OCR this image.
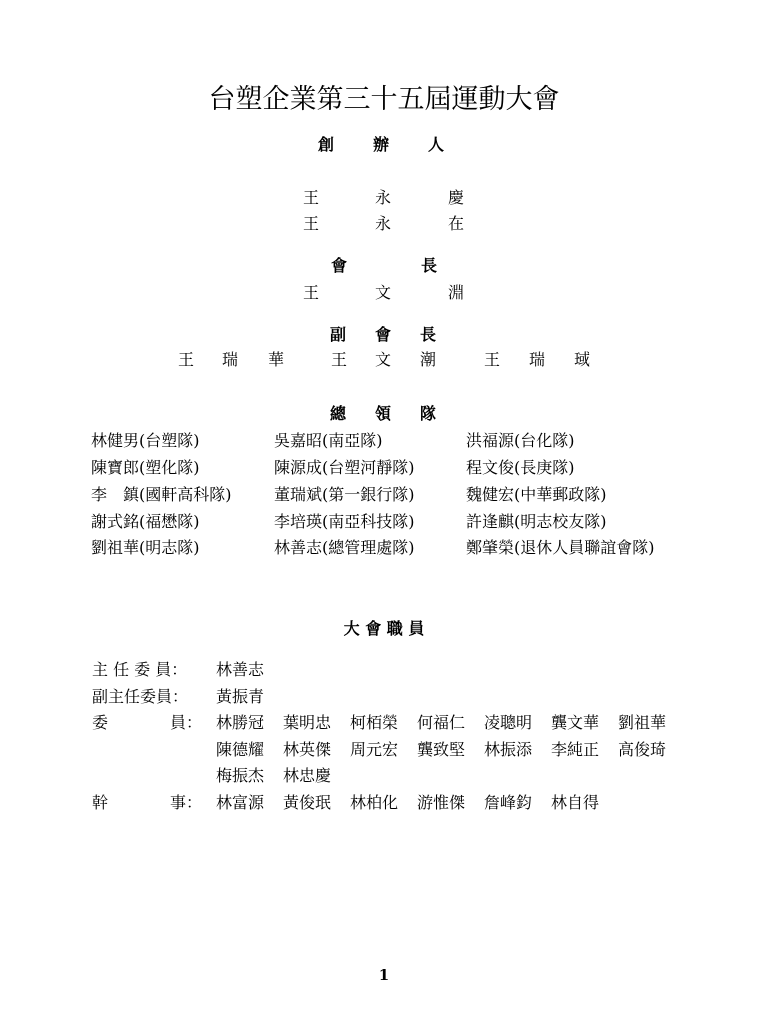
台塑企業第三十五屆運動大會
創 辦 人
王	永	慶
王	永	在
會	長
王	文	淵
副 會 長
王 瑞 華	王 文 潮	王 瑞 琙
總 領 隊
林健男(台塑隊)	吳嘉昭(南亞隊)	洪福源(台化隊)
陳寶郎(塑化隊)	陳源成(台塑河靜隊)	程文俊(長庚隊)
李　鎮(國軒高科隊)	董瑞斌(第一銀行隊)	魏健宏(中華郵政隊)
謝式銘(福懋隊)	李培瑛(南亞科技隊)	許逢麒(明志校友隊)
劉祖華(明志隊)	林善志(總管理處隊)	鄭肇榮(退休人員聯誼會隊)
大 會 職 員
主 任 委 員： 林善志
副主任委員： 黃振青
委	員： 林勝冠 葉明忠 柯栢榮 何福仁 凌聰明 龔文華 劉祖華
陳德耀 林英傑 周元宏 龔致堅 林振添 李純正 高俊琦
梅振杰 林忠慶
幹	事： 林富源 黃俊珉 林柏化 游惟傑 詹峰鈞 林自得
1
